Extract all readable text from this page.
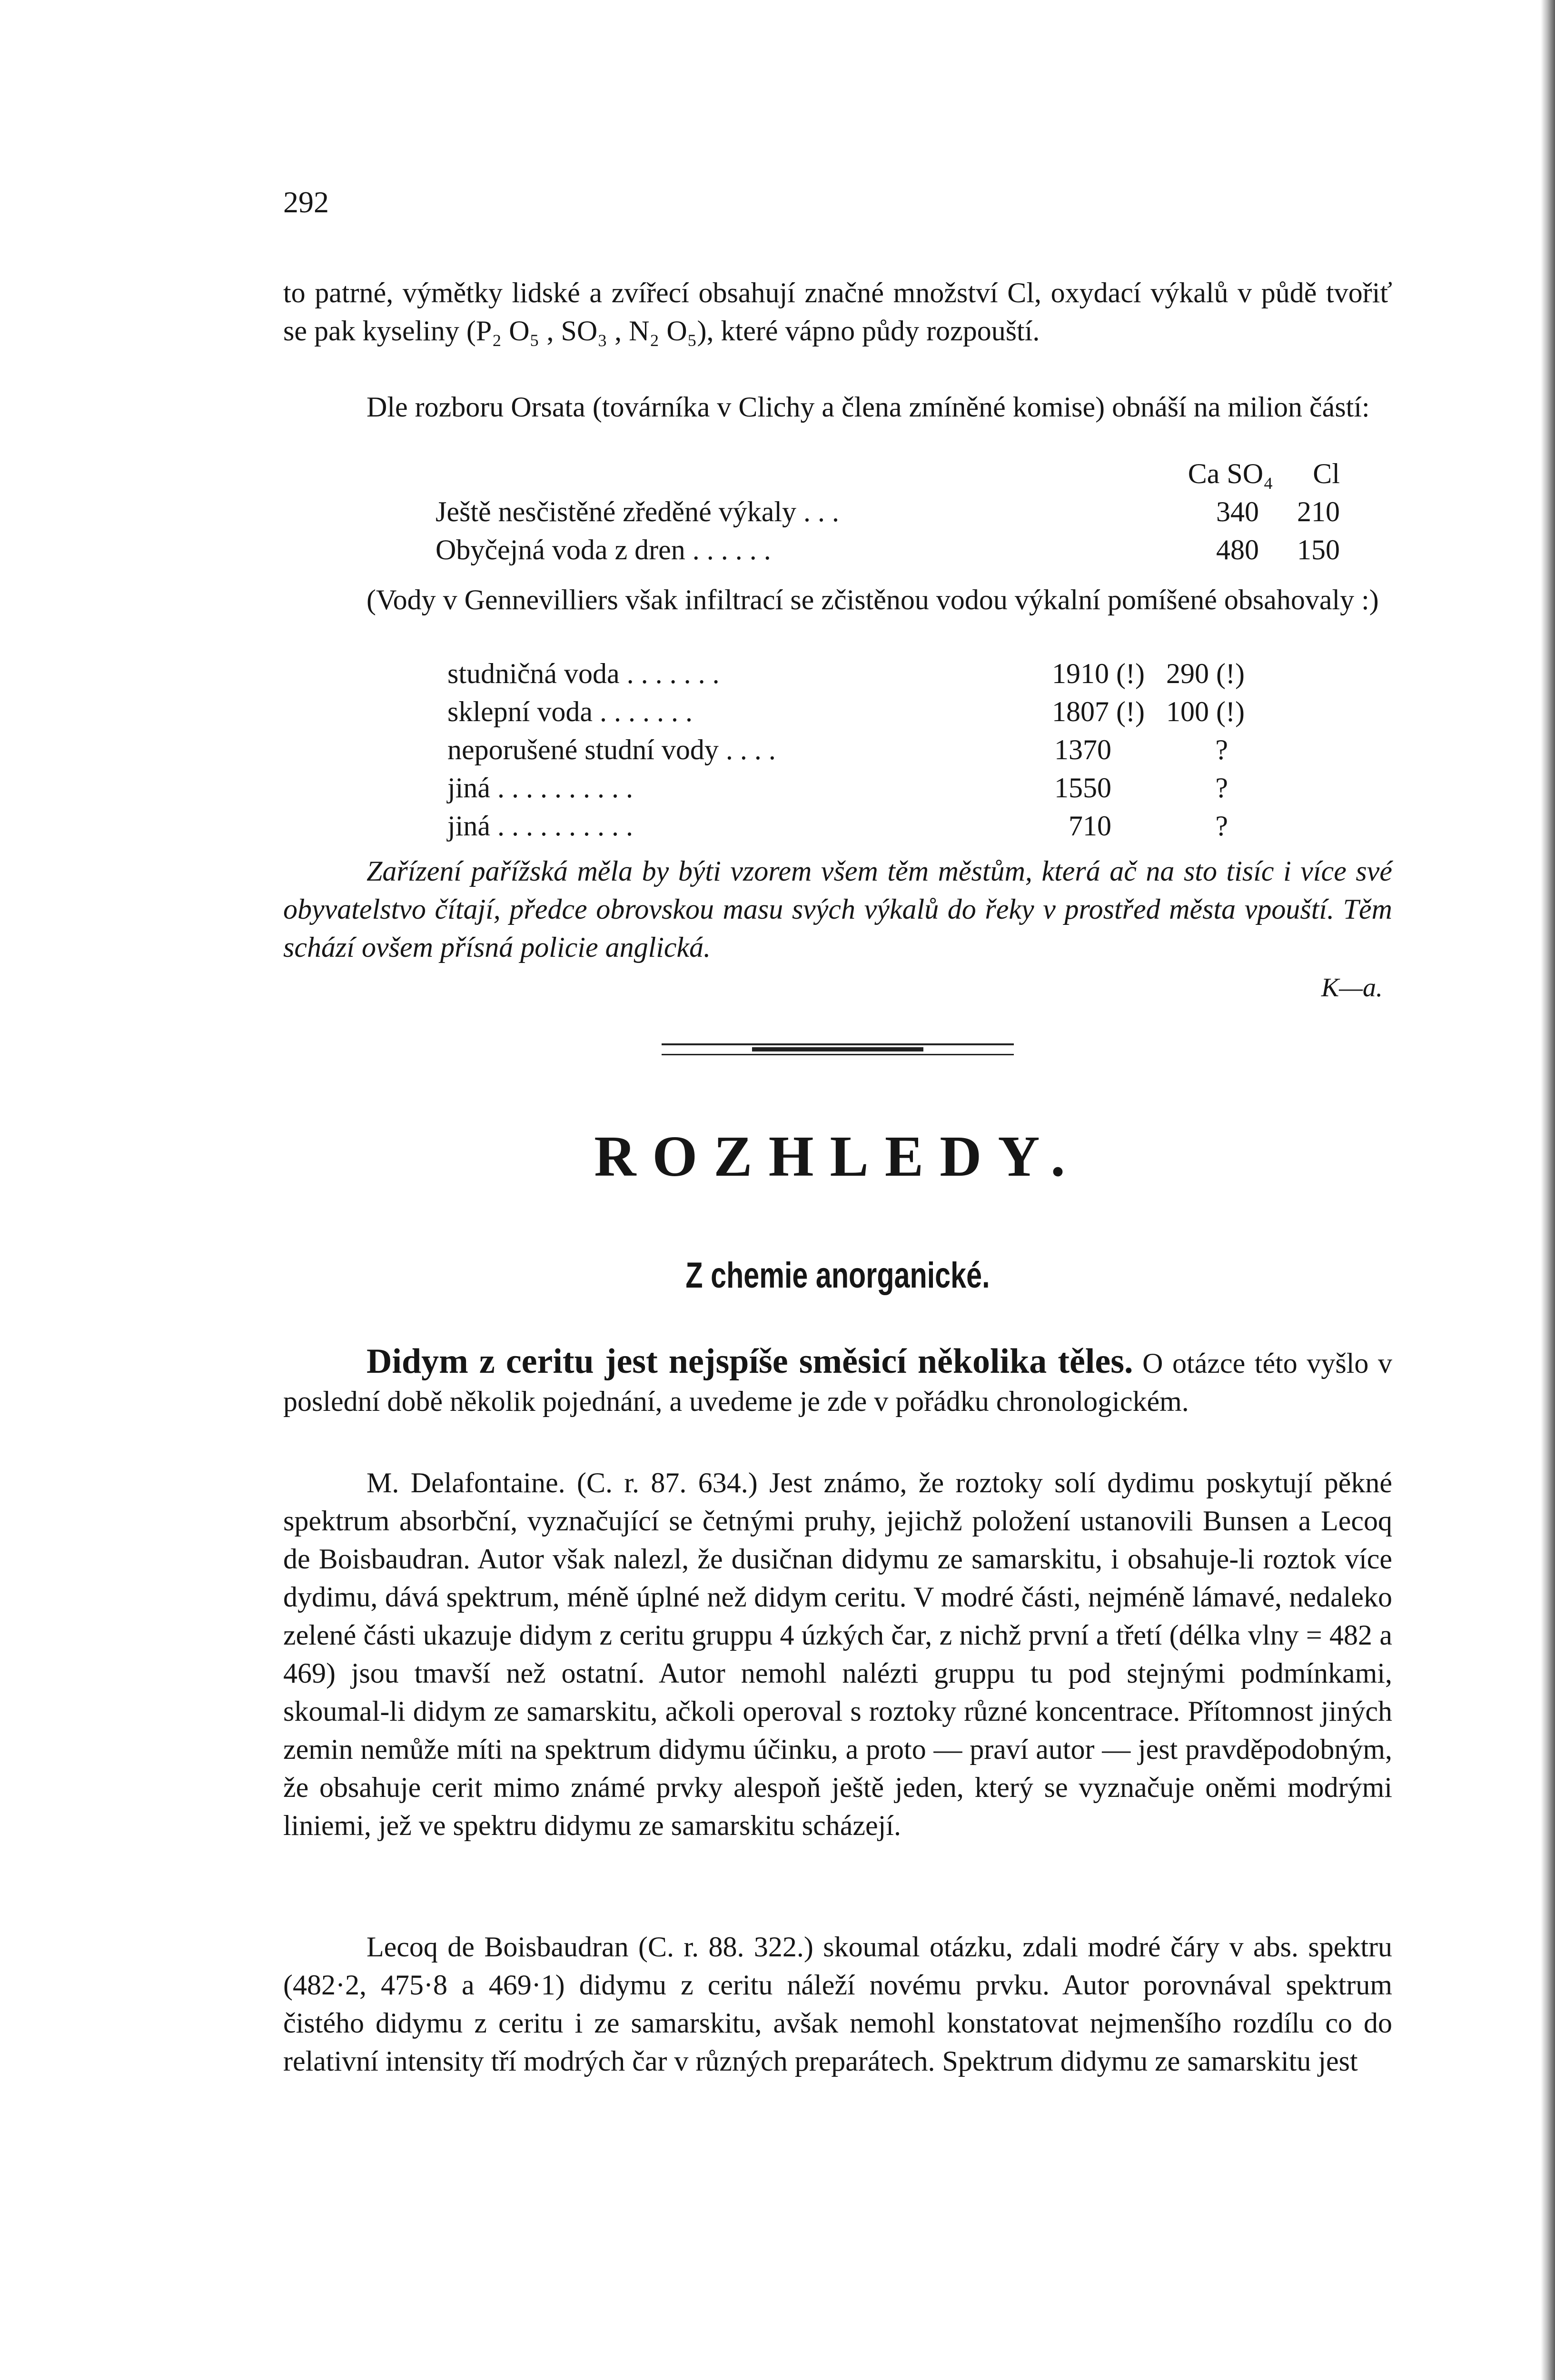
292

to patrné, výmětky lidské a zvířecí obsahují značné množství Cl, oxydací výkalů v půdě tvořiť se pak kyseliny (P₂ O₅ , SO₃ , N₂ O₅), které vápno půdy rozpouští.

Dle rozboru Orsata (továrníka v Clichy a člena zmíněné komise) obnáší na milion částí:

Ca SO₄ Cl
Ještě nesčistěné zředěné výkaly . . .	340 210
Obyčejná voda z dren . . . . . .	480 150

(Vody v Gennevilliers však infiltrací se zčistěnou vodou výkalní pomíšené obsahovaly :)

studničná voda . . . . . . .	1910 (!) 290 (!)
sklepní voda . . . . . . .	1807 (!) 100 (!)
neporušené studní vody . . . .	1370	?
jiná . . . . . . . . . .	1550	?
jiná . . . . . . . . . .	710	?

Zařízení pařížská měla by býti vzorem všem těm městům, která ač na sto tisíc i více své obyvatelstvo čítají, předce obrovskou masu svých výkalů do řeky v prostřed města vpouští. Těm schází ovšem přísná policie anglická.

K—a.
ROZHLEDY.
Z chemie anorganické.

Didym z ceritu jest nejspíše směsicí několika těles. O otázce této vyšlo v poslední době několik pojednání, a uvedeme je zde v pořádku chronologickém.

M. Delafontaine. (C. r. 87. 634.) Jest známo, že roztoky solí dydimu poskytují pěkné spektrum absorbční, vyznačující se četnými pruhy, jejichž položení ustanovili Bunsen a Lecoq de Boisbaudran. Autor však nalezl, že dusičnan didymu ze samarskitu, i obsahuje-li roztok více dydimu, dává spektrum, méně úplné než didym ceritu. V modré části, nejméně lámavé, nedaleko zelené části ukazuje didym z ceritu gruppu 4 úzkých čar, z nichž první a třetí (délka vlny = 482 a 469) jsou tmavší než ostatní. Autor nemohl nalézti gruppu tu pod stejnými podmínkami, skoumal-li didym ze samarskitu, ačkoli operoval s roztoky různé koncentrace. Přítomnost jiných zemin nemůže míti na spektrum didymu účinku, a proto — praví autor — jest pravděpodobným, že obsahuje cerit mimo známé prvky alespoň ještě jeden, který se vyznačuje oněmi modrými liniemi, jež ve spektru didymu ze samarskitu scházejí.

Lecoq de Boisbaudran (C. r. 88. 322.) skoumal otázku, zdali modré čáry v abs. spektru (482·2, 475·8 a 469·1) didymu z ceritu náleží novému prvku. Autor porovnával spektrum čistého didymu z ceritu i ze samarskitu, avšak nemohl konstatovat nejmenšího rozdílu co do relativní intensity tří modrých čar v různých preparátech. Spektrum didymu ze samarskitu jest
